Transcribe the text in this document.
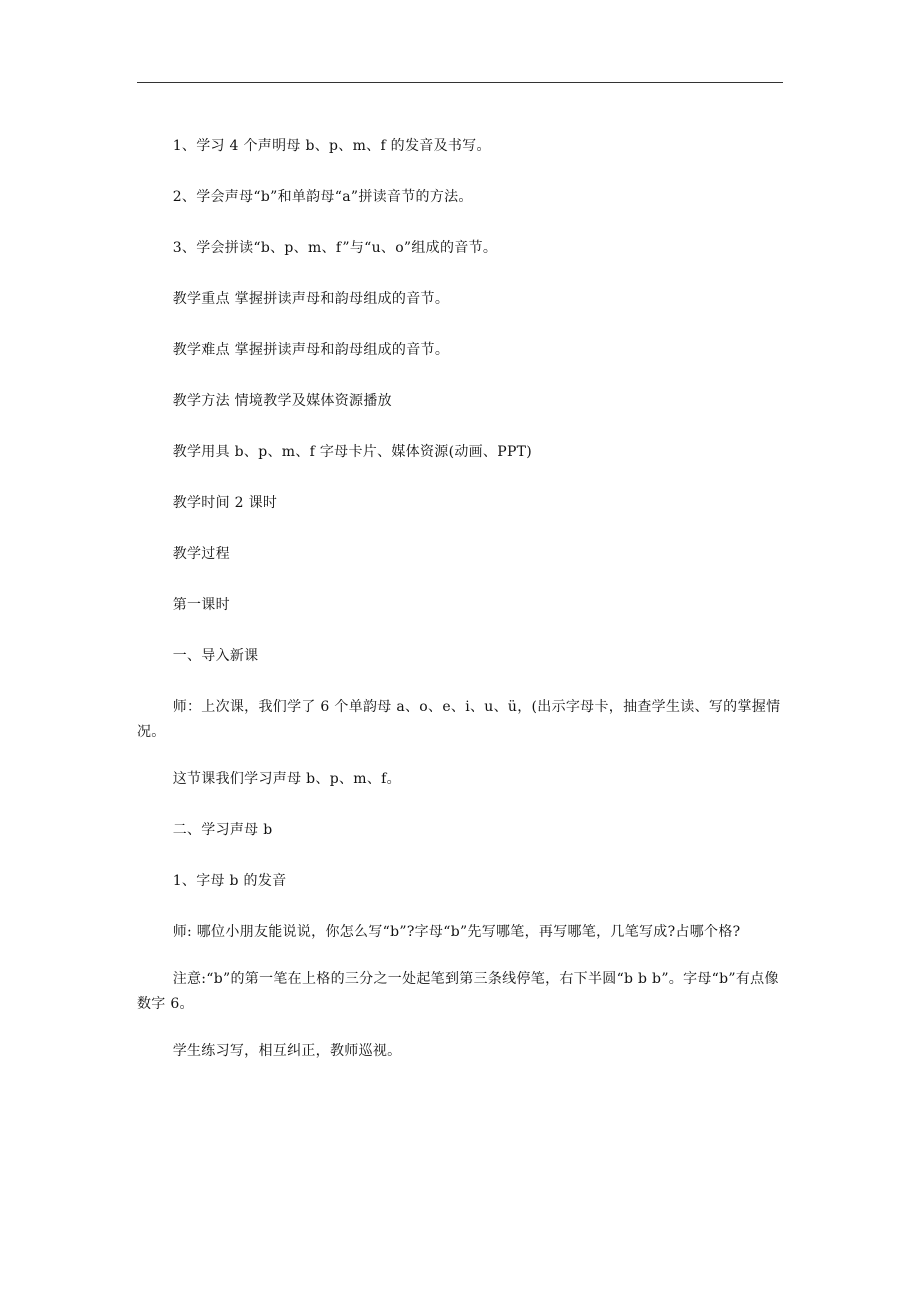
1、学习 4 个声明母 b、p、m、f 的发音及书写。

2、学会声母“b”和单韵母“a”拼读音节的方法。

3、学会拼读“b、p、m、f”与“u、o”组成的音节。

教学重点 掌握拼读声母和韵母组成的音节。

教学难点 掌握拼读声母和韵母组成的音节。

教学方法 情境教学及媒体资源播放

教学用具 b、p、m、f 字母卡片、媒体资源(动画、PPT)

教学时间 2 课时

教学过程

第一课时

一、导入新课

师：上次课，我们学了 6 个单韵母 a、o、e、i、u、ü，(出示字母卡，抽查学生读、写的掌握情况。

这节课我们学习声母 b、p、m、f。

二、学习声母 b

1、字母 b 的发音

师: 哪位小朋友能说说，你怎么写“b”?字母“b”先写哪笔，再写哪笔，几笔写成?占哪个格?

注意:“b”的第一笔在上格的三分之一处起笔到第三条线停笔，右下半圆“b b b”。字母“b”有点像数字 6。

学生练习写，相互纠正，教师巡视。
